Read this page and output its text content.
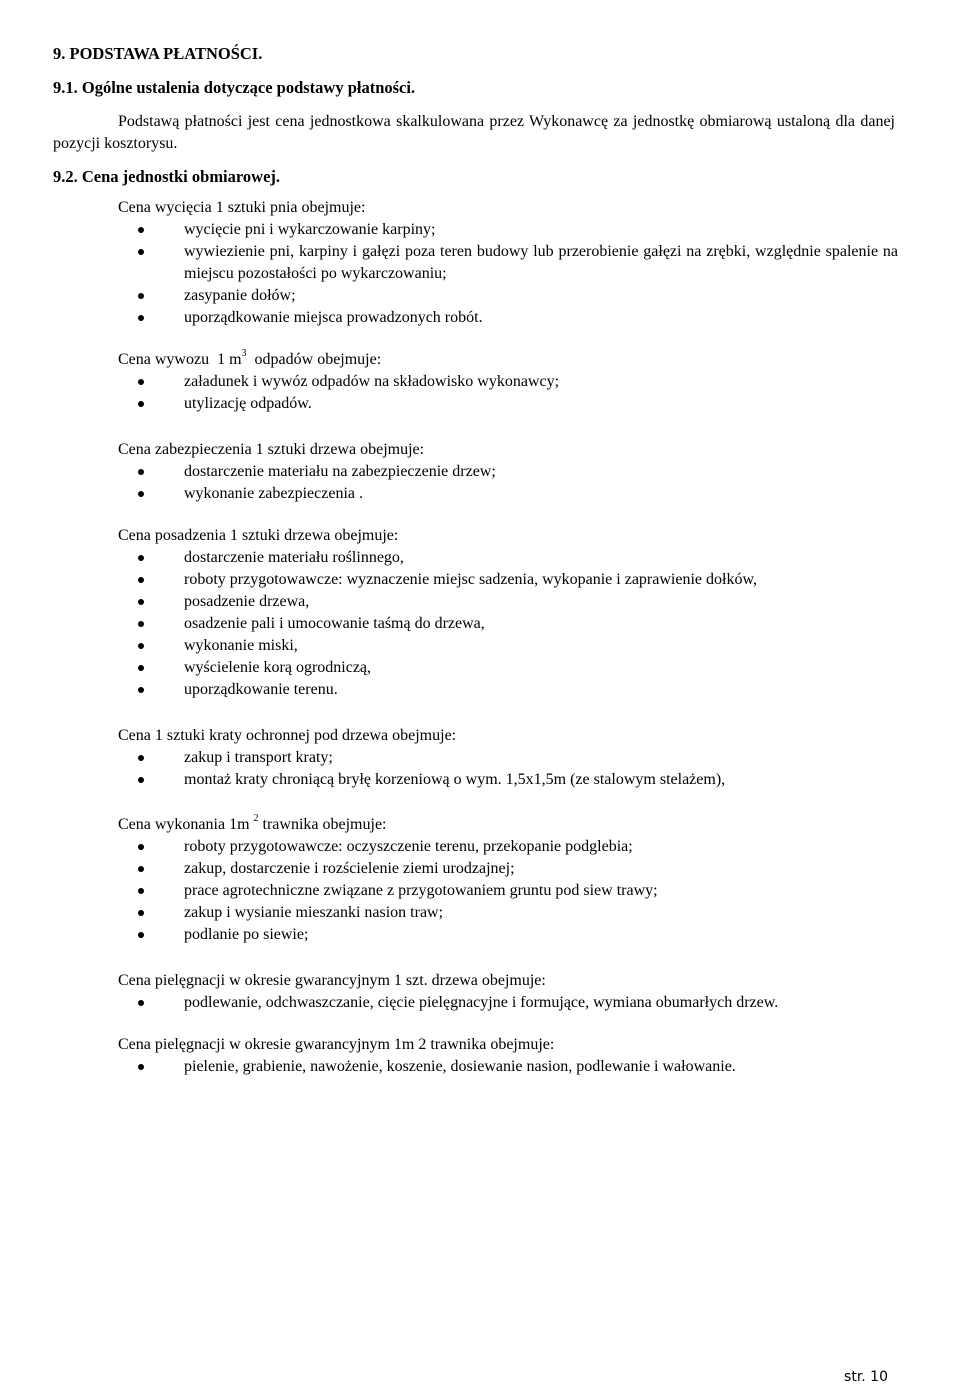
9. PODSTAWA PŁATNOŚCI.
9.1. Ogólne ustalenia dotyczące podstawy płatności.
Podstawą płatności jest cena jednostkowa skalkulowana przez Wykonawcę za jednostkę obmiarową ustaloną dla danej pozycji kosztorysu.
9.2. Cena jednostki obmiarowej.

Cena wycięcia 1 sztuki pnia obejmuje:

wycięcie pni i wykarczowanie karpiny;
wywiezienie pni, karpiny i gałęzi poza teren budowy lub przerobienie gałęzi na zrębki, względnie spalenie na miejscu pozostałości po wykarczowaniu;
zasypanie dołów;
uporządkowanie miejsca prowadzonych robót.

Cena wywozu  1 $m^3$  odpadów obejmuje:

załadunek i wywóz odpadów na składowisko wykonawcy;
utylizację odpadów.

Cena zabezpieczenia 1 sztuki drzewa obejmuje:

dostarczenie materiału na zabezpieczenie drzew;
wykonanie zabezpieczenia .

Cena posadzenia 1 sztuki drzewa obejmuje:

dostarczenie materiału roślinnego,
roboty przygotowawcze: wyznaczenie miejsc sadzenia, wykopanie i zaprawienie dołków,
posadzenie drzewa,
osadzenie pali i umocowanie taśmą do drzewa,
wykonanie miski,
wyścielenie korą ogrodniczą,
uporządkowanie terenu.

Cena 1 sztuki kraty ochronnej pod drzewa obejmuje:

zakup i transport kraty;
montaż kraty chroniącą bryłę korzeniową o wym. 1,5x1,5m (ze stalowym stelażem),

Cena wykonania 1m $^2$ trawnika obejmuje:

roboty przygotowawcze: oczyszczenie terenu, przekopanie podglebia;
zakup, dostarczenie i rozścielenie ziemi urodzajnej;
prace agrotechniczne związane z przygotowaniem gruntu pod siew trawy;
zakup i wysianie mieszanki nasion traw;
podlanie po siewie;

Cena pielęgnacji w okresie gwarancyjnym 1 szt. drzewa obejmuje:

podlewanie, odchwaszczanie, cięcie pielęgnacyjne i formujące, wymiana obumarłych drzew.

Cena pielęgnacji w okresie gwarancyjnym 1m 2 trawnika obejmuje:

pielenie, grabienie, nawożenie, koszenie, dosiewanie nasion, podlewanie i wałowanie.
str. 10
